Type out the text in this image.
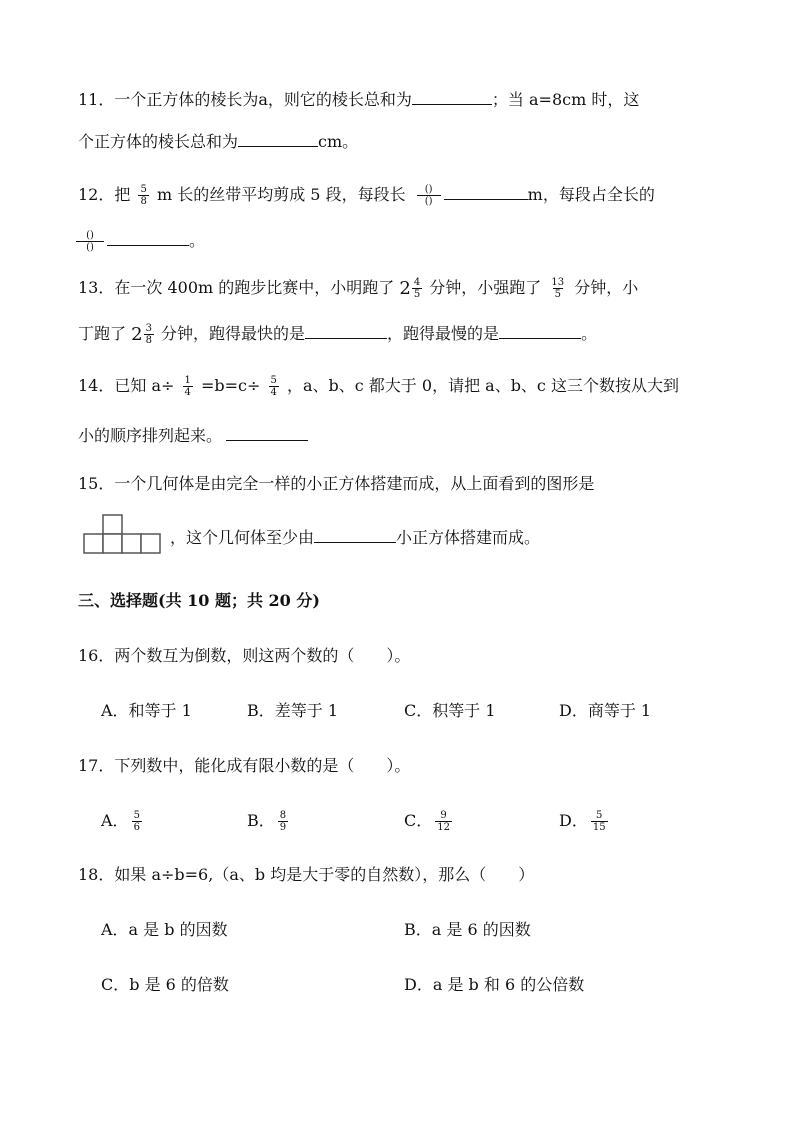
11．一个正方体的棱长为a，则它的棱长总和为	；当 a=8cm 时，这
个正方体的棱长总和为	cm。
12．把 $\frac{5}{8}$ m 长的丝带平均剪成 5 段，每段长 $\frac{()}{()}$	m，每段占全长的
$\frac{()}{()}$	。
13．在一次 400m 的跑步比赛中，小明跑了 $2 \frac{4}{5}$ 分钟，小强跑了 $\frac{13}{5}$ 分钟，小
丁跑了 $2 \frac{3}{8}$ 分钟，跑得最快的是	，跑得最慢的是	。
14．已知 $a\div \frac{1}{4} =b=c\div \frac{5}{4}$ ，a、b、c 都大于 0，请把 a、b、c 这三个数按从大到
小的顺序排列起来。
15．一个几何体是由完全一样的小正方体搭建而成，从上面看到的图形是
，这个几何体至少由	小正方体搭建而成。
三、选择题(共 10 题；共 20 分)
16．两个数互为倒数，则这两个数的（　　）。
A．和等于 1	B．差等于 1	C．积等于 1	D．商等于 1
17．下列数中，能化成有限小数的是（　　）。
A． $\frac{5}{6}$	B． $\frac{8}{9}$	C． $\frac{9}{12}$	D． $\frac{5}{15}$
18．如果 a÷b=6,（a、b 均是大于零的自然数），那么（　　）
A．a 是 b 的因数	B．a 是 6 的因数
C．b 是 6 的倍数	D．a 是 b 和 6 的公倍数
